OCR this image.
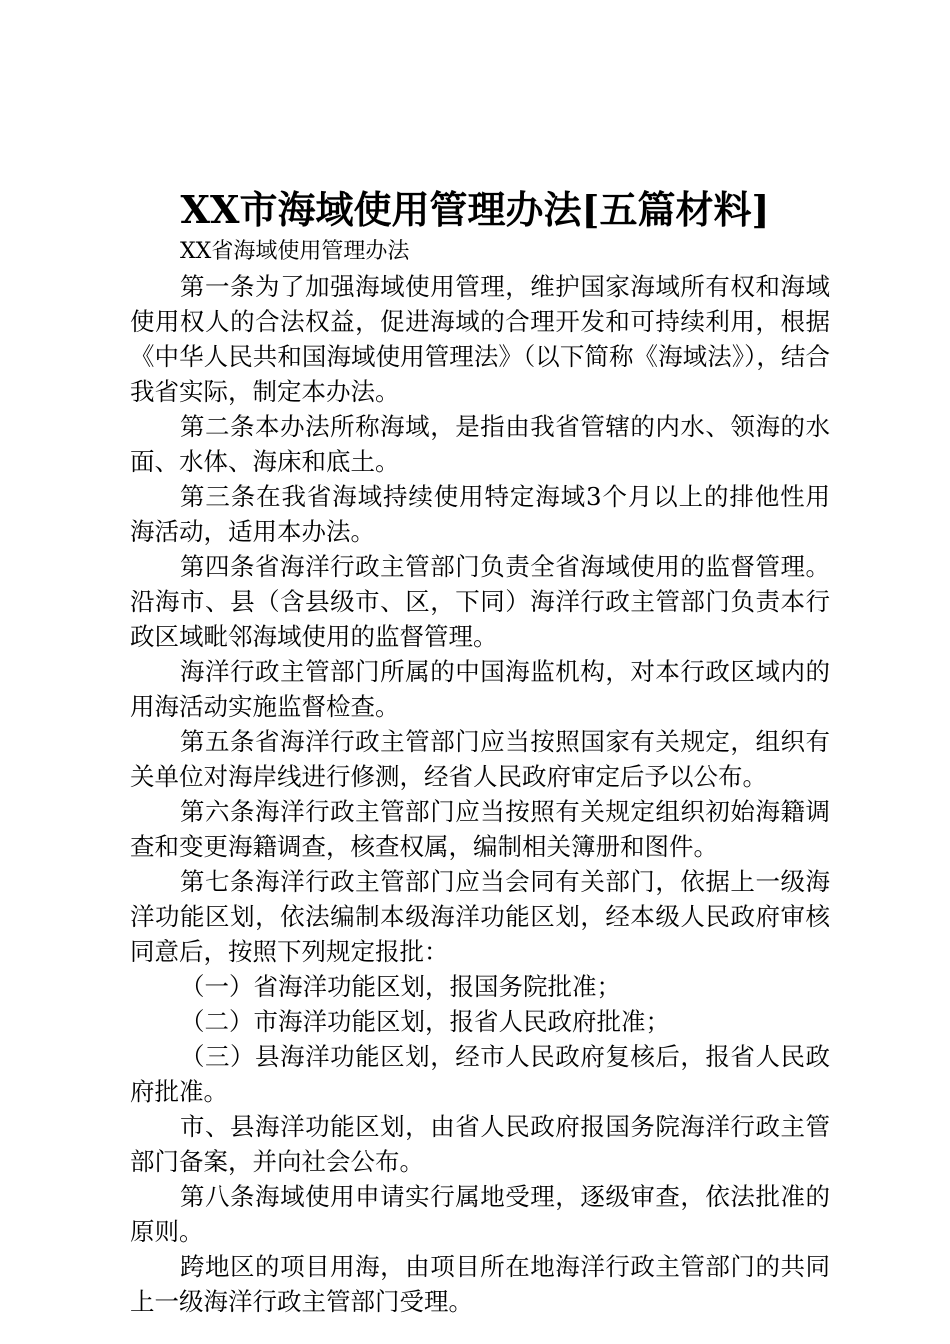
XX市海域使用管理办法[五篇材料]

XX省海域使用管理办法

第一条为了加强海域使用管理，维护国家海域所有权和海域使用权人的合法权益，促进海域的合理开发和可持续利用，根据《中华人民共和国海域使用管理法》（以下简称《海域法》），结合我省实际，制定本办法。

第二条本办法所称海域，是指由我省管辖的内水、领海的水面、水体、海床和底土。

第三条在我省海域持续使用特定海域3个月以上的排他性用海活动，适用本办法。

第四条省海洋行政主管部门负责全省海域使用的监督管理。沿海市、县（含县级市、区，下同）海洋行政主管部门负责本行政区域毗邻海域使用的监督管理。

海洋行政主管部门所属的中国海监机构，对本行政区域内的用海活动实施监督检查。

第五条省海洋行政主管部门应当按照国家有关规定，组织有关单位对海岸线进行修测，经省人民政府审定后予以公布。

第六条海洋行政主管部门应当按照有关规定组织初始海籍调查和变更海籍调查，核查权属，编制相关簿册和图件。

第七条海洋行政主管部门应当会同有关部门，依据上一级海洋功能区划，依法编制本级海洋功能区划，经本级人民政府审核同意后，按照下列规定报批：

（一）省海洋功能区划，报国务院批准；

（二）市海洋功能区划，报省人民政府批准；

（三）县海洋功能区划，经市人民政府复核后，报省人民政府批准。

市、县海洋功能区划，由省人民政府报国务院海洋行政主管部门备案，并向社会公布。

第八条海域使用申请实行属地受理，逐级审查，依法批准的原则。

跨地区的项目用海，由项目所在地海洋行政主管部门的共同上一级海洋行政主管部门受理。
